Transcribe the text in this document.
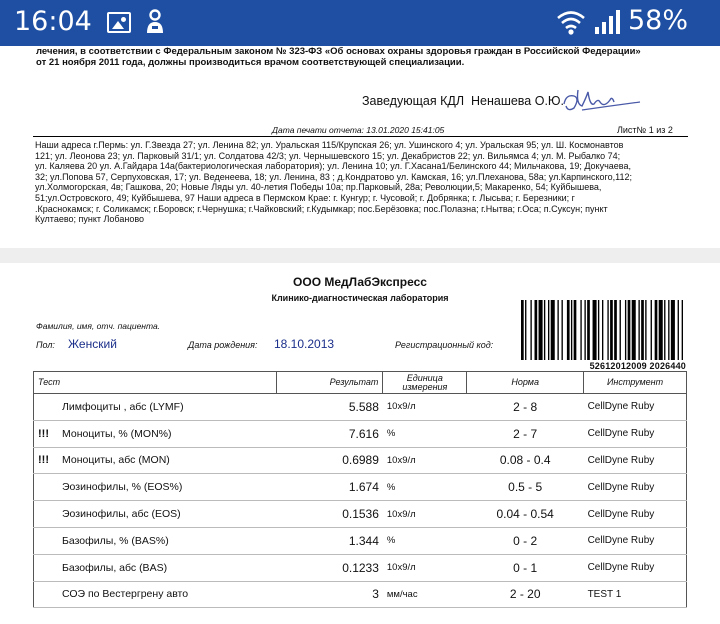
16:04	58%
лечения, в соответствии с Федеральным законом № 323-ФЗ «Об основах охраны здоровья граждан в Российской Федерации»
от 21 ноября 2011 года, должны производиться врачом соответствующей специализации.
Заведующая КДЛ Ненашева О.Ю.
Дата печати отчета: 13.01.2020 15:41:05	Лист№ 1 из 2
Наши адреса г.Пермь: ул. Г.Звезда 27; ул. Ленина 82; ул. Уральская 115/Крупская 26; ул. Ушинского 4; ул. Уральская 95; ул. Ш. Космонавтов
121; ул. Леонова 23; ул. Парковый 31/1; ул. Солдатова 42/3; ул. Чернышевского 15; ул. Декабристов 22; ул. Вильямса 4; ул. М. Рыбалко 74;
ул. Каляева 20 ул. А.Гайдара 14а(бактериологическая лаборатория); ул. Ленина 10; ул. Г.Хасана1/Белинского 44; Мильчакова, 19; Докучаева,
32; ул.Попова 57, Серпуховская, 17; ул. Веденеева, 18; ул. Ленина, 83 ; д.Кондратово ул. Камская, 16; ул.Плеханова, 58а; ул.Карпинского,112;
ул.Холмогорская, 4в; Гашкова, 20; Новые Ляды ул. 40-летия Победы 10а; пр.Парковый, 28а; Революции,5; Макаренко, 54; Куйбышева,
51;ул.Островского, 49; Куйбышева, 97 Наши адреса в Пермском Крае: г. Кунгур; г. Чусовой; г. Добрянка; г. Лысьва; г. Березники; г
.Краснокамск; г. Соликамск; г.Боровск; г.Чернушка; г.Чайковский; г.Кудымкар; пос.Берёзовка; пос.Полазна; г.Нытва; г.Оса; п.Суксун; пункт
Култаево; пункт Лобаново
ООО МедЛабЭкспресс
Клинико-диагностическая лаборатория
Фамилия, имя, отч. пациента.
Пол: Женский	Дата рождения: 18.10.2013	Регистрационный код:
52612012009 2026440
Тест	Результат	Единица измерения	Норма	Инструмент
Лимфоциты , абс (LYMF)	5.588	10x9/л	2 - 8	CellDyne Ruby
!!! Моноциты, % (MON%)	7.616	%	2 - 7	CellDyne Ruby
!!! Моноциты, абс (MON)	0.6989	10x9/л	0.08 - 0.4	CellDyne Ruby
Эозинофилы, % (EOS%)	1.674	%	0.5 - 5	CellDyne Ruby
Эозинофилы, абс (EOS)	0.1536	10x9/л	0.04 - 0.54	CellDyne Ruby
Базофилы, % (BAS%)	1.344	%	0 - 2	CellDyne Ruby
Базофилы, абс (BAS)	0.1233	10x9/л	0 - 1	CellDyne Ruby
СОЭ по Вестергрену авто	3	мм/час	2 - 20	TEST 1
